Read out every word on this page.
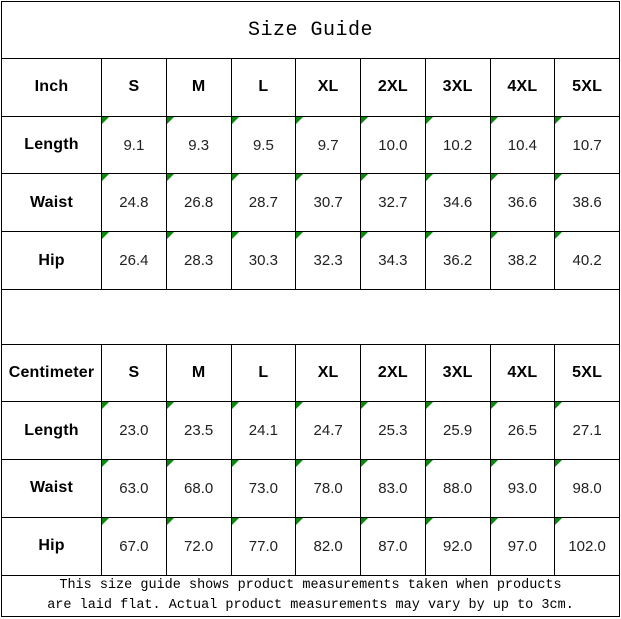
Size Guide								
Inch	S	M	L	XL	2XL	3XL	4XL	5XL
Length	9.1	9.3	9.5	9.7	10.0	10.2	10.4	10.7
Waist	24.8	26.8	28.7	30.7	32.7	34.6	36.6	38.6
Hip	26.4	28.3	30.3	32.3	34.3	36.2	38.2	40.2

Centimeter	S	M	L	XL	2XL	3XL	4XL	5XL
Length	23.0	23.5	24.1	24.7	25.3	25.9	26.5	27.1
Waist	63.0	68.0	73.0	78.0	83.0	88.0	93.0	98.0
Hip	67.0	72.0	77.0	82.0	87.0	92.0	97.0	102.0

This size guide shows product measurements taken when products
are laid flat. Actual product measurements may vary by up to 3cm.								
